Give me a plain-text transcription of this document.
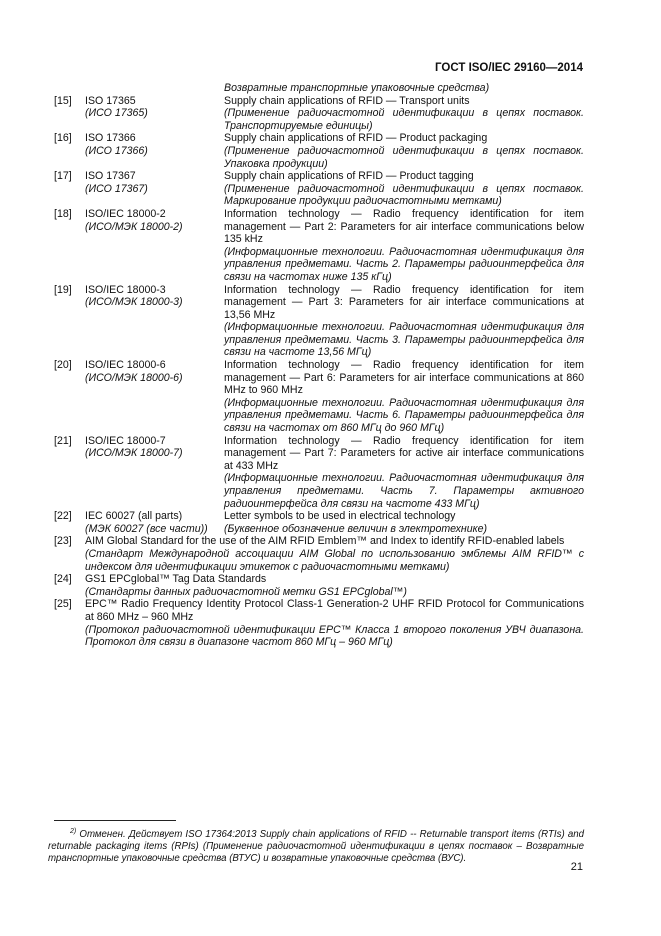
ГОСТ ISO/IEC 29160—2014
Возвратные транспортные упаковочные средства)
[15]	ISO 17365
(ИСО 17365)
Supply chain applications of RFID — Transport units
(Применение радиочастотной идентификации в цепях поставок. Транспортируемые единицы)
[16]	ISO 17366
(ИСО 17366)
Supply chain applications of RFID — Product packaging
(Применение радиочастотной идентификации в цепях поставок. Упаковка продукции)
[17]	ISO 17367
(ИСО 17367)
Supply chain applications of RFID — Product tagging
(Применение радиочастотной идентификации в цепях поставок. Маркирование продукции радиочастотными метками)
[18]	ISO/IEC 18000-2
(ИСО/МЭК 18000-2)
Information technology — Radio frequency identification for item management — Part 2: Parameters for air interface communications below 135 kHz
(Информационные технологии. Радиочастотная идентификация для управления предметами. Часть 2. Параметры радиоинтерфейса для связи на частотах ниже 135 кГц)
[19]	ISO/IEC 18000-3
(ИСО/МЭК 18000-3)
Information technology — Radio frequency identification for item management — Part 3: Parameters for air interface communications at 13,56 MHz
(Информационные технологии. Радиочастотная идентификация для управления предметами. Часть 3. Параметры радиоинтерфейса для связи на частоте 13,56 МГц)
[20]	ISO/IEC 18000-6
(ИСО/МЭК 18000-6)
Information technology — Radio frequency identification for item management — Part 6: Parameters for air interface communications at 860 MHz to 960 MHz
(Информационные технологии. Радиочастотная идентификация для управления предметами. Часть 6. Параметры радиоинтерфейса для связи на частотах от 860 МГц до 960 МГц)
[21]	ISO/IEC 18000-7
(ИСО/МЭК 18000-7)
Information technology — Radio frequency identification for item management — Part 7: Parameters for active air interface communications at 433 MHz
(Информационные технологии. Радиочастотная идентификация для управления предметами. Часть 7. Параметры активного радиоинтерфейса для связи на частоте 433 МГц)
[22]	IEC 60027 (all parts)
(МЭК 60027 (все части))
Letter symbols to be used in electrical technology
(Буквенное обозначение величин в электротехнике)
[23]	AIM Global Standard for the use of the AIM RFID Emblem™ and Index to identify RFID-enabled labels
(Стандарт Международной ассоциации AIM Global по использованию эмблемы AIM RFID™ с индексом для идентификации этикеток с радиочастотными метками)
[24]	GS1 EPCglobal™ Tag Data Standards
(Стандарты данных радиочастотной метки GS1 EPCglobal™)
[25]	EPC™ Radio Frequency Identity Protocol Class-1 Generation-2 UHF RFID Protocol for Communications at 860 MHz – 960 MHz
(Протокол радиочастотной идентификации EPC™ Класса 1 второго поколения УВЧ диапазона. Протокол для связи в диапазоне частот 860 МГц – 960 МГц)
$^{2)}$ Отменен. Действует ISO 17364:2013 Supply chain applications of RFID -- Returnable transport items (RTIs) and returnable packaging items (RPIs) (Применение радиочастотной идентификации в цепях поставок – Возвратные транспортные упаковочные средства (ВТУС) и возвратные упаковочные средства (ВУС).
21
